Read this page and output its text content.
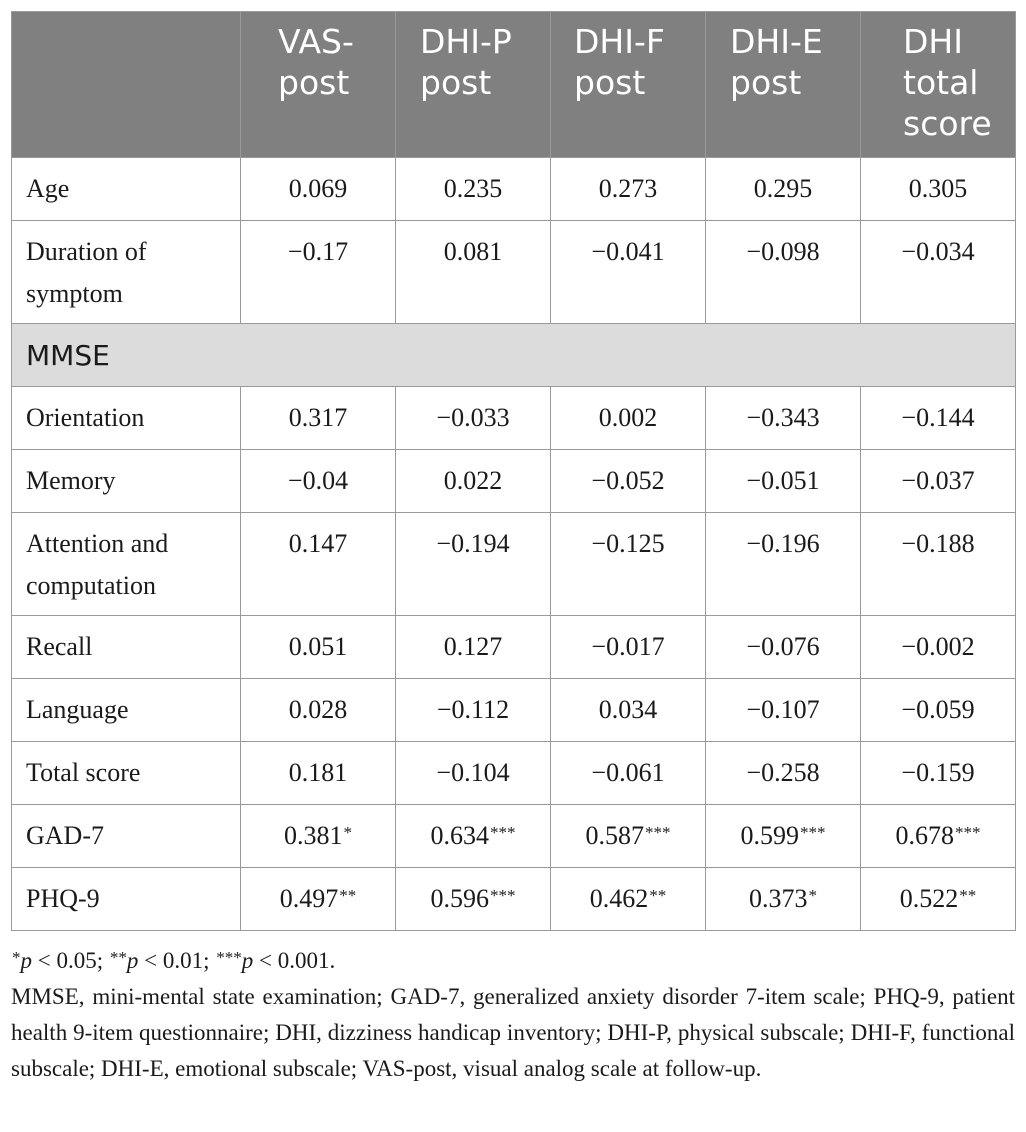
	VAS-post	DHI-P post	DHI-F post	DHI-E post	DHI total score
Age	0.069	0.235	0.273	0.295	0.305
Duration of symptom	−0.17	0.081	−0.041	−0.098	−0.034
MMSE					
Orientation	0.317	−0.033	0.002	−0.343	−0.144
Memory	−0.04	0.022	−0.052	−0.051	−0.037
Attention and computation	0.147	−0.194	−0.125	−0.196	−0.188
Recall	0.051	0.127	−0.017	−0.076	−0.002
Language	0.028	−0.112	0.034	−0.107	−0.059
Total score	0.181	−0.104	−0.061	−0.258	−0.159
GAD-7	0.381*	0.634***	0.587***	0.599***	0.678***
PHQ-9	0.497**	0.596***	0.462**	0.373*	0.522**

*p < 0.05; **p < 0.01; ***p < 0.001.

MMSE, mini-mental state examination; GAD-7, generalized anxiety disorder 7-item scale; PHQ-9, patient health 9-item questionnaire; DHI, dizziness handicap inventory; DHI-P, physical subscale; DHI-F, functional subscale; DHI-E, emotional subscale; VAS-post, visual analog scale at follow-up.
